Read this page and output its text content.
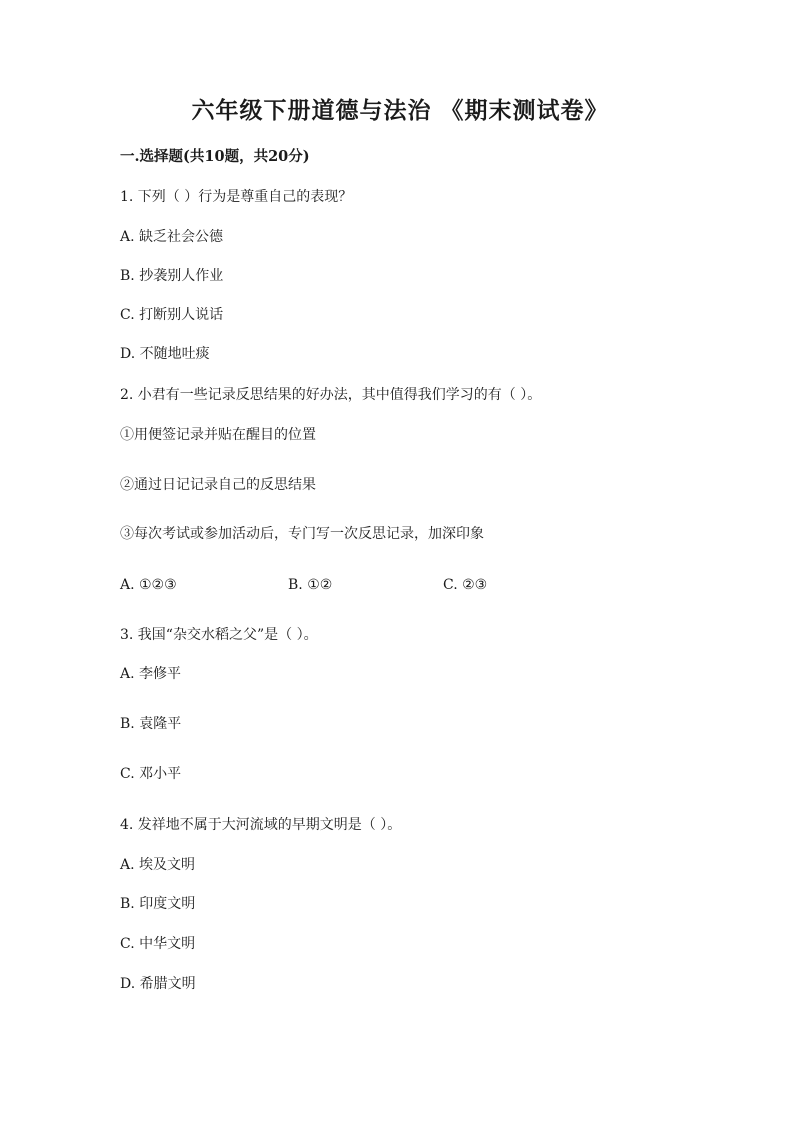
六年级下册道德与法治 《期末测试卷》
一.选择题(共10题，共20分)
1. 下列（ ）行为是尊重自己的表现？
A. 缺乏社会公德
B. 抄袭别人作业
C. 打断别人说话
D. 不随地吐痰
2. 小君有一些记录反思结果的好办法，其中值得我们学习的有（ ）。
①用便签记录并贴在醒目的位置
②通过日记记录自己的反思结果
③每次考试或参加活动后，专门写一次反思记录，加深印象
A. ①②③	B. ①②	C. ②③
3. 我国“杂交水稻之父”是（ ）。
A. 李修平
B. 袁隆平
C. 邓小平
4. 发祥地不属于大河流域的早期文明是（ ）。
A. 埃及文明
B. 印度文明
C. 中华文明
D. 希腊文明
